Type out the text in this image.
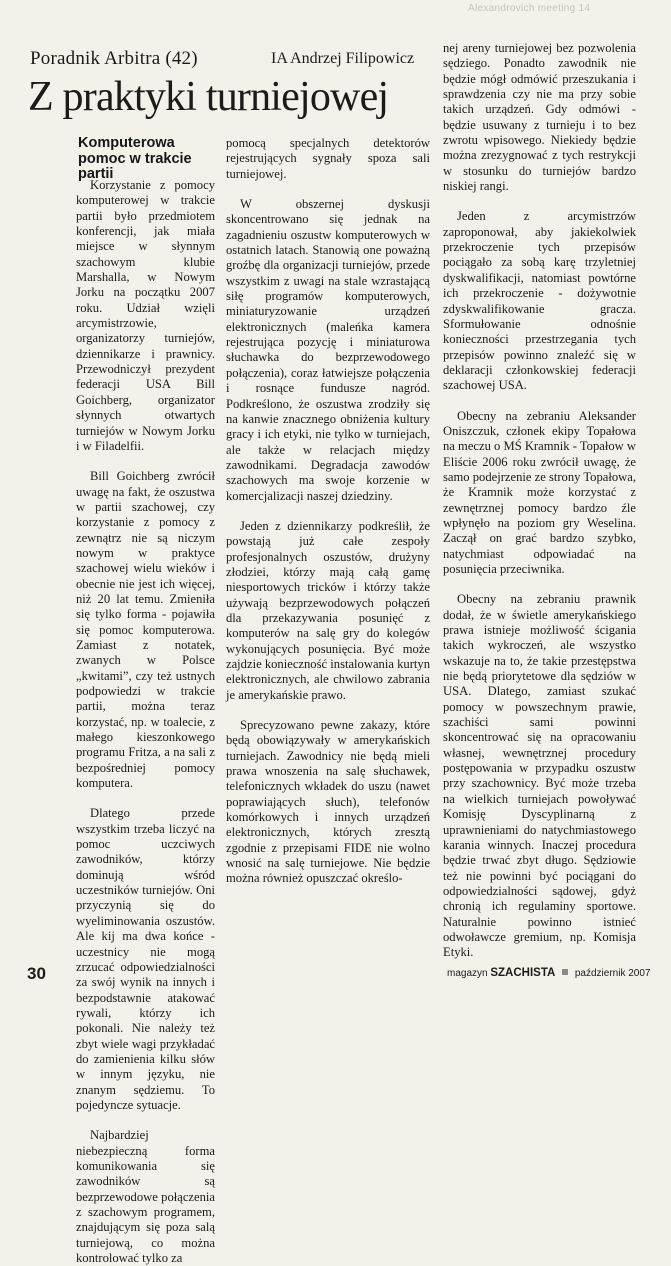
Alexandrovich meeting 14
Poradnik Arbitra (42)	IA Andrzej Filipowicz
Z praktyki turniejowej
Komputerowa pomoc w trakcie partii

Korzystanie z pomocy komputerowej w trakcie partii było przedmiotem konferencji, jak miała miejsce w słynnym szachowym klubie Marshalla, w Nowym Jorku na początku 2007 roku. Udział wzięli arcymistrzowie, organizatorzy turniejów, dziennikarze i prawnicy. Przewodniczył prezydent federacji USA Bill Goichberg, organizator słynnych otwartych turniejów w Nowym Jorku i w Filadelfii.

Bill Goichberg zwrócił uwagę na fakt, że oszustwa w partii szachowej, czy korzystanie z pomocy z zewnątrz nie są niczym nowym w praktyce szachowej wielu wieków i obecnie nie jest ich więcej, niż 20 lat temu. Zmieniła się tylko forma - pojawiła się pomoc komputerowa. Zamiast z notatek, zwanych w Polsce „kwitami”, czy też ustnych podpowiedzi w trakcie partii, można teraz korzystać, np. w toalecie, z małego kieszonkowego programu Fritza, a na sali z bezpośredniej pomocy komputera.

Dlatego przede wszystkim trzeba liczyć na pomoc uczciwych zawodników, którzy dominują wśród uczestników turniejów. Oni przyczynią się do wyeliminowania oszustów. Ale kij ma dwa końce - uczestnicy nie mogą zrzucać odpowiedzialności za swój wynik na innych i bezpodstawnie atakować rywali, którzy ich pokonali. Nie należy też zbyt wiele wagi przykładać do zamienienia kilku słów w innym języku, nie znanym sędziemu. To pojedyncze sytuacje.

Najbardziej niebezpieczną forma komunikowania się zawodników są bezprzewodowe połączenia z szachowym programem, znajdującym się poza salą turniejową, co można kontrolować tylko za

pomocą specjalnych detektorów rejestrujących sygnały spoza sali turniejowej.

W obszernej dyskusji skoncentrowano się jednak na zagadnieniu oszustw komputerowych w ostatnich latach. Stanowią one poważną groźbę dla organizacji turniejów, przede wszystkim z uwagi na stale wzrastającą siłę programów komputerowych, miniaturyzowanie urządzeń elektronicznych (maleńka kamera rejestrująca pozycję i miniaturowa słuchawka do bezprzewodowego połączenia), coraz łatwiejsze połączenia i rosnące fundusze nagród. Podkreślono, że oszustwa zrodziły się na kanwie znacznego obniżenia kultury gracy i ich etyki, nie tylko w turniejach, ale także w relacjach między zawodnikami. Degradacja zawodów szachowych ma swoje korzenie w komercjalizacji naszej dziedziny.

Jeden z dziennikarzy podkreślił, że powstają już całe zespoły profesjonalnych oszustów, drużyny złodziei, którzy mają całą gamę niesportowych tricków i którzy także używają bezprzewodowych połączeń dla przekazywania posunięć z komputerów na salę gry do kolegów wykonujących posunięcia. Być może zajdzie konieczność instalowania kurtyn elektronicznych, ale chwilowo zabrania je amerykańskie prawo.

Sprecyzowano pewne zakazy, które będą obowiązywały w amerykańskich turniejach. Zawodnicy nie będą mieli prawa wnoszenia na salę słuchawek, telefonicznych wkładek do uszu (nawet poprawiających słuch), telefonów komórkowych i innych urządzeń elektronicznych, których zresztą zgodnie z przepisami FIDE nie wolno wnosić na salę turniejowe. Nie będzie można również opuszczać określo-

nej areny turniejowej bez pozwolenia sędziego. Ponadto zawodnik nie będzie mógł odmówić przeszukania i sprawdzenia czy nie ma przy sobie takich urządzeń. Gdy odmówi - będzie usuwany z turnieju i to bez zwrotu wpisowego. Niekiedy będzie można zrezygnować z tych restrykcji w stosunku do turniejów bardzo niskiej rangi.

Jeden z arcymistrzów zaproponował, aby jakiekolwiek przekroczenie tych przepisów pociągało za sobą karę trzyletniej dyskwalifikacji, natomiast powtórne ich przekroczenie - dożywotnie zdyskwalifikowanie gracza. Sformułowanie odnośnie konieczności przestrzegania tych przepisów powinno znaleźć się w deklaracji członkowskiej federacji szachowej USA.

Obecny na zebraniu Aleksander Oniszczuk, członek ekipy Topałowa na meczu o MŚ Kramnik - Topałow w Eliście 2006 roku zwrócił uwagę, że samo podejrzenie ze strony Topałowa, że Kramnik może korzystać z zewnętrznej pomocy bardzo źle wpłynęło na poziom gry Weselina. Zaczął on grać bardzo szybko, natychmiast odpowiadać na posunięcia przeciwnika.

Obecny na zebraniu prawnik dodał, że w świetle amerykańskiego prawa istnieje możliwość ścigania takich wykroczeń, ale wszystko wskazuje na to, że takie przestępstwa nie będą priorytetowe dla sędziów w USA. Dlatego, zamiast szukać pomocy w powszechnym prawie, szachiści sami powinni skoncentrować się na opracowaniu własnej, wewnętrznej procedury postępowania w przypadku oszustw przy szachownicy. Być może trzeba na wielkich turniejach powoływać Komisję Dyscyplinarną z uprawnieniami do natychmiastowego karania winnych. Inaczej procedura będzie trwać zbyt długo. Sędziowie też nie powinni być pociągani do odpowiedzialności sądowej, gdyż chronią ich regulaminy sportowe. Naturalnie powinno istnieć odwoławcze gremium, np. Komisja Etyki.

30	magazyn SZACHISTA październik 2007
